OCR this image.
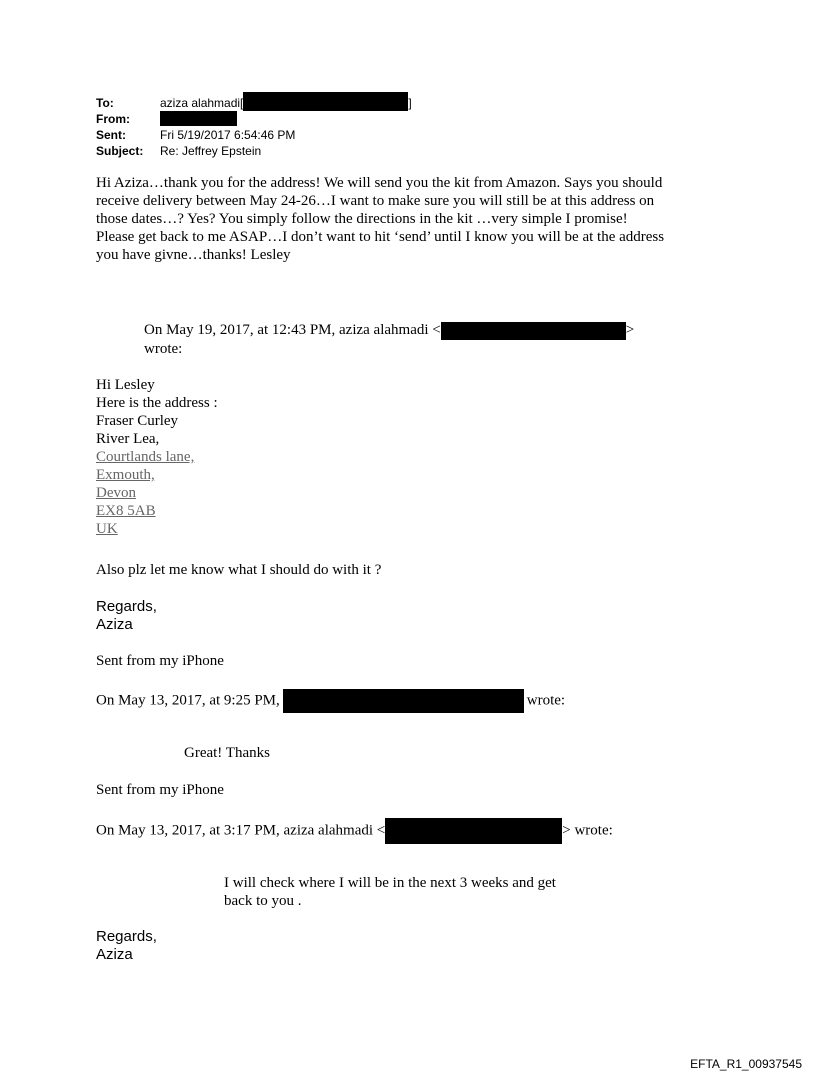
To:	aziza alahmadi[	]
From:
Sent:	Fri 5/19/2017 6:54:46 PM
Subject: Re: Jeffrey Epstein
Hi Aziza…thank you for the address! We will send you the kit from Amazon. Says you should
receive delivery between May 24-26…I want to make sure you will still be at this address on
those dates…? Yes? You simply follow the directions in the kit …very simple I promise!
Please get back to me ASAP…I don’t want to hit ‘send’ until I know you will be at the address
you have givne…thanks! Lesley
On May 19, 2017, at 12:43 PM, aziza alahmadi <	>
wrote:
Hi Lesley
Here is the address :
Fraser Curley
River Lea,
Courtlands lane,
Exmouth,
Devon
EX8 5AB
UK
Also plz let me know what I should do with it ?
Regards,
Aziza
Sent from my iPhone
On May 13, 2017, at 9:25 PM,	wrote:
Great! Thanks
Sent from my iPhone
On May 13, 2017, at 3:17 PM, aziza alahmadi <	> wrote:
I will check where I will be in the next 3 weeks and get
back to you .
Regards,
Aziza
EFTA_R1_00937545
